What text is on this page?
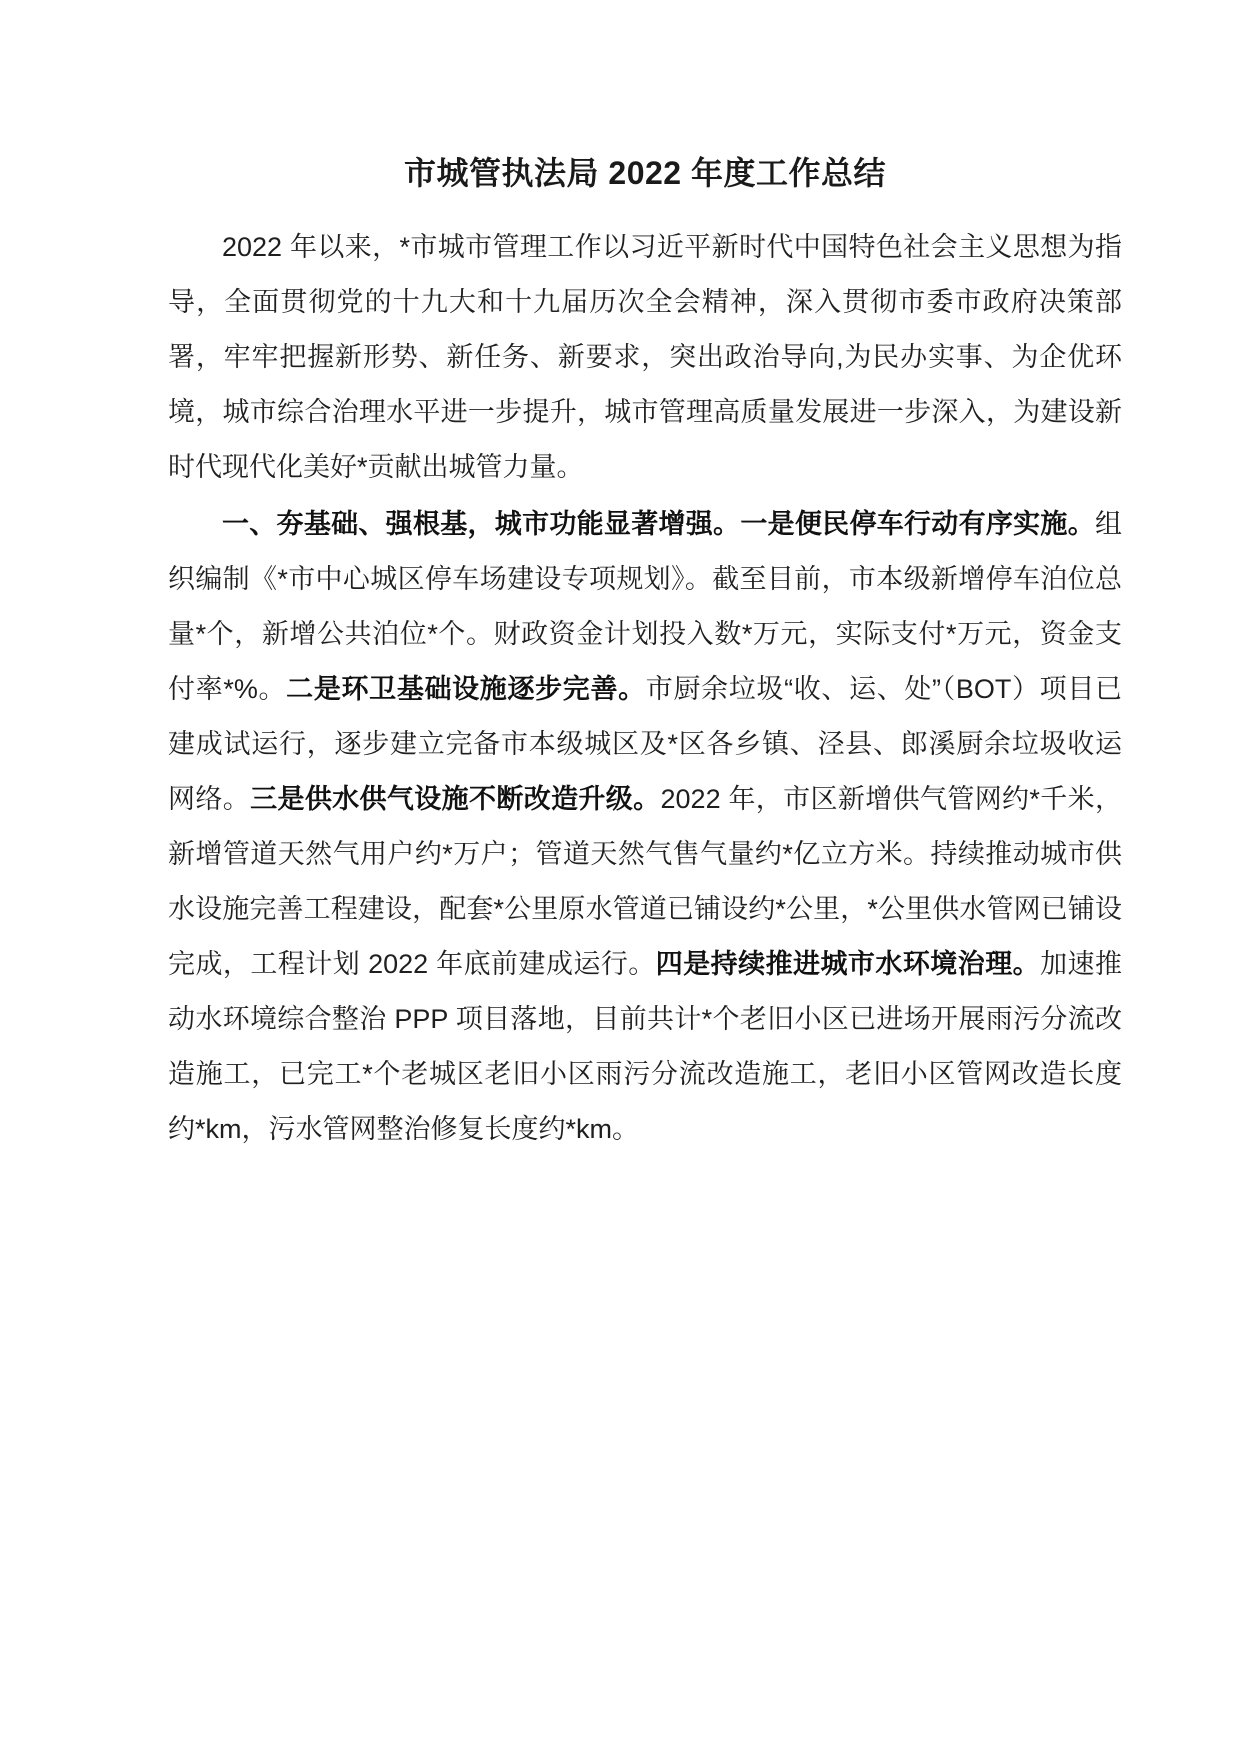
市城管执法局 2022 年度工作总结

2022 年以来，*市城市管理工作以习近平新时代中国特色社会主义思想为指导，全面贯彻党的十九大和十九届历次全会精神，深入贯彻市委市政府决策部署，牢牢把握新形势、新任务、新要求，突出政治导向,为民办实事、为企优环境，城市综合治理水平进一步提升，城市管理高质量发展进一步深入，为建设新时代现代化美好*贡献出城管力量。

一、夯基础、强根基，城市功能显著增强。一是便民停车行动有序实施。组织编制《*市中心城区停车场建设专项规划》。截至目前，市本级新增停车泊位总量*个，新增公共泊位*个。财政资金计划投入数*万元，实际支付*万元，资金支付率*%。二是环卫基础设施逐步完善。市厨余垃圾“收、运、处”（BOT）项目已建成试运行，逐步建立完备市本级城区及*区各乡镇、泾县、郎溪厨余垃圾收运网络。三是供水供气设施不断改造升级。2022 年，市区新增供气管网约*千米，新增管道天然气用户约*万户；管道天然气售气量约*亿立方米。持续推动城市供水设施完善工程建设，配套*公里原水管道已铺设约*公里，*公里供水管网已铺设完成，工程计划 2022 年底前建成运行。四是持续推进城市水环境治理。加速推动水环境综合整治 PPP 项目落地，目前共计*个老旧小区已进场开展雨污分流改造施工，已完工*个老城区老旧小区雨污分流改造施工，老旧小区管网改造长度约*km，污水管网整治修复长度约*km。
